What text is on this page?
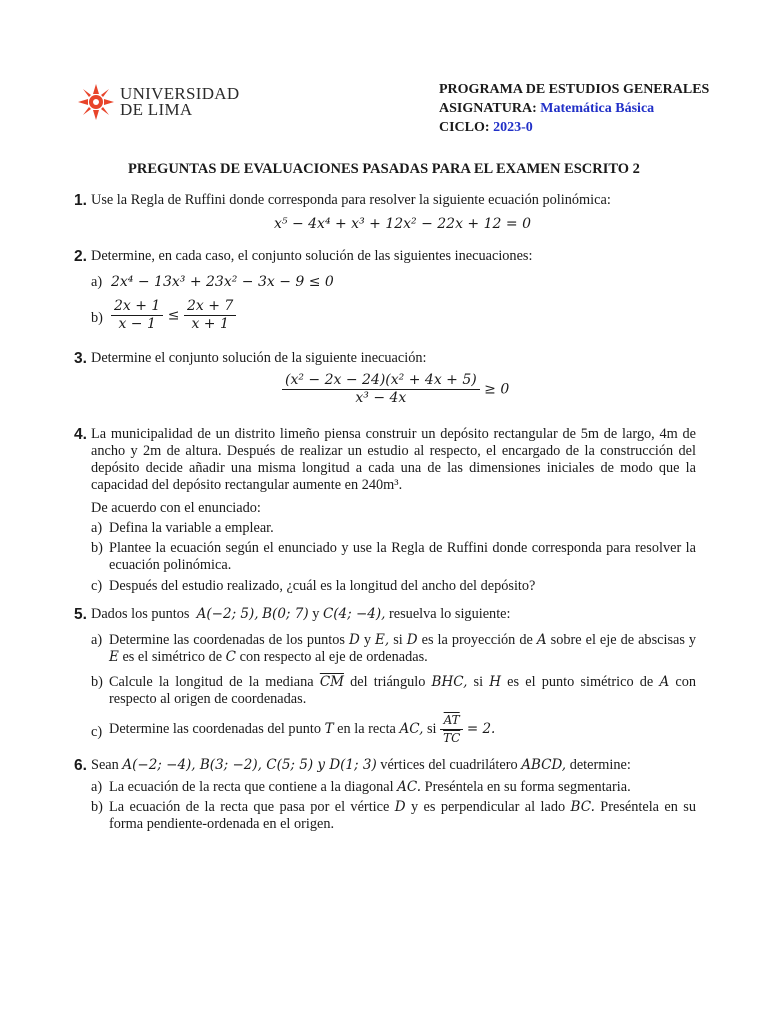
UNIVERSIDAD
DE LIMA
PROGRAMA DE ESTUDIOS GENERALES
ASIGNATURA: Matemática Básica
CICLO: 2023-0
PREGUNTAS DE EVALUACIONES PASADAS PARA EL EXAMEN ESCRITO 2
1. Use la Regla de Ruffini donde corresponda para resolver la siguiente ecuación polinómica:
x⁵ − 4x⁴ + x³ + 12x² − 22x + 12 = 0
2. Determine, en cada caso, el conjunto solución de las siguientes inecuaciones:
a) 2x⁴ − 13x³ + 23x² − 3x − 9 ≤ 0
$b) \frac{2x + 1}{x - 1} \le \frac{2x + 7}{x + 1}$
3. Determine el conjunto solución de la siguiente inecuación:
$\frac{\text{(x² − 2x − 24)(x² + 4x + 5)}}{\text{x³ − 4x}} \ge 0$
4. La municipalidad de un distrito limeño piensa construir un depósito rectangular de 5m de largo, 4m de ancho y 2m de altura. Después de realizar un estudio al respecto, el encargado de la construcción del depósito decide añadir una misma longitud a cada una de las dimensiones iniciales de modo que la capacidad del depósito rectangular aumente en 240m³.
De acuerdo con el enunciado:
a) Defina la variable a emplear.
b) Plantee la ecuación según el enunciado y use la Regla de Ruffini donde corresponda para resolver la ecuación polinómica.
c) Después del estudio realizado, ¿cuál es la longitud del ancho del depósito?
5. Dados los puntos A(−2; 5), B(0; 7) y C(4; −4), resuelva lo siguiente:
a) Determine las coordenadas de los puntos D y E, si D es la proyección de A sobre el eje de abscisas y E es el simétrico de C con respecto al eje de ordenadas.
b) Calcule la longitud de la mediana $\overline{CM}$ del triángulo BHC, si H es el punto simétrico de A con respecto al origen de coordenadas.
c) Determine las coordenadas del punto T en la recta AC, si $\frac{\overline{AT}}{TC} = 2$.
6. Sean A(−2; −4), B(3; −2), C(5; 5) y D(1; 3) vértices del cuadrilátero ABCD, determine:
a) La ecuación de la recta que contiene a la diagonal AC. Preséntela en su forma segmentaria.
b) La ecuación de la recta que pasa por el vértice D y es perpendicular al lado BC. Preséntela en su forma pendiente-ordenada en el origen.
